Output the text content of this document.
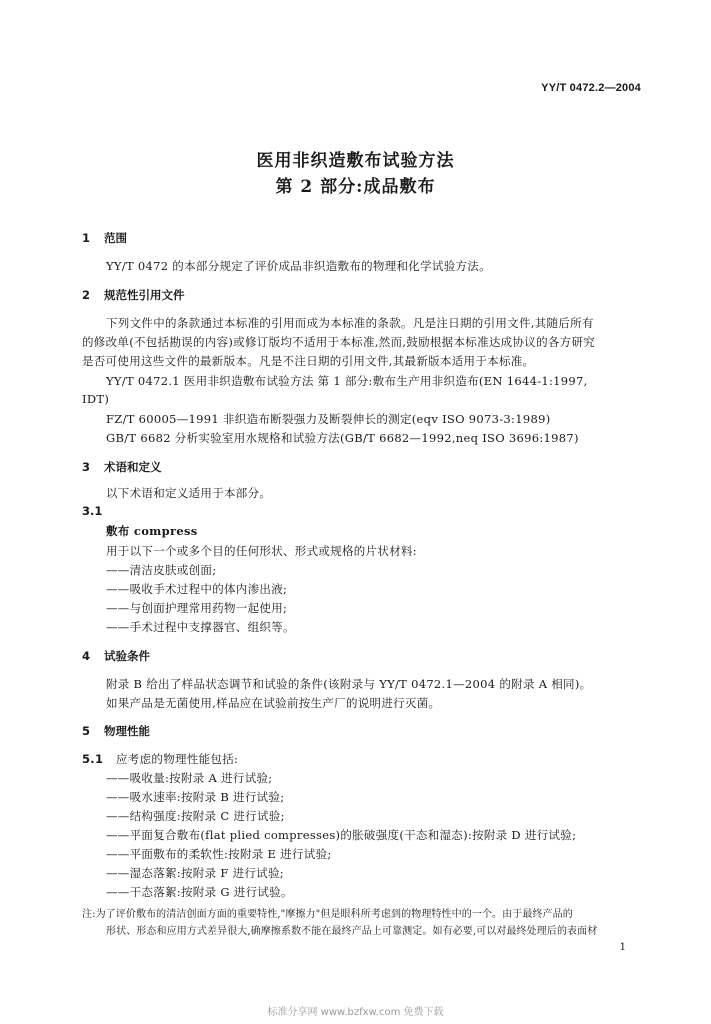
YY/T 0472.2—2004
医用非织造敷布试验方法
第 2 部分:成品敷布
1 范围
YY/T 0472 的本部分规定了评价成品非织造敷布的物理和化学试验方法。
2 规范性引用文件
下列文件中的条款通过本标准的引用而成为本标准的条款。凡是注日期的引用文件,其随后所有
的修改单(不包括勘误的内容)或修订版均不适用于本标准,然而,鼓励根据本标准达成协议的各方研究
是否可使用这些文件的最新版本。凡是不注日期的引用文件,其最新版本适用于本标准。
YY/T 0472.1 医用非织造敷布试验方法 第 1 部分:敷布生产用非织造布(EN 1644-1:1997,
IDT)
FZ/T 60005—1991 非织造布断裂强力及断裂伸长的测定(eqv ISO 9073-3:1989)
GB/T 6682 分析实验室用水规格和试验方法(GB/T 6682—1992,neq ISO 3696:1987)
3 术语和定义
以下术语和定义适用于本部分。
3.1
敷布 compress
用于以下一个或多个目的任何形状、形式或规格的片状材料:
——清洁皮肤或创面;
——吸收手术过程中的体内渗出液;
——与创面护理常用药物一起使用;
——手术过程中支撑器官、组织等。
4 试验条件
附录 B 给出了样品状态调节和试验的条件(该附录与 YY/T 0472.1—2004 的附录 A 相同)。
如果产品是无菌使用,样品应在试验前按生产厂的说明进行灭菌。
5 物理性能
5.1 应考虑的物理性能包括:
——吸收量:按附录 A 进行试验;
——吸水速率:按附录 B 进行试验;
——结构强度:按附录 C 进行试验;
——平面复合敷布(flat plied compresses)的胀破强度(干态和湿态):按附录 D 进行试验;
——平面敷布的柔软性:按附录 E 进行试验;
——湿态落絮:按附录 F 进行试验;
——干态落絮:按附录 G 进行试验。
注:为了评价敷布的清洁创面方面的重要特性,"摩擦力"但是眼科所考虑到的物理特性中的一个。由于最终产品的
形状、形态和应用方式差异很大,确摩擦系数不能在最终产品上可靠测定。如有必要,可以对最终处理后的表面材
1
标准分享网 www.bzfxw.com 免费下载
